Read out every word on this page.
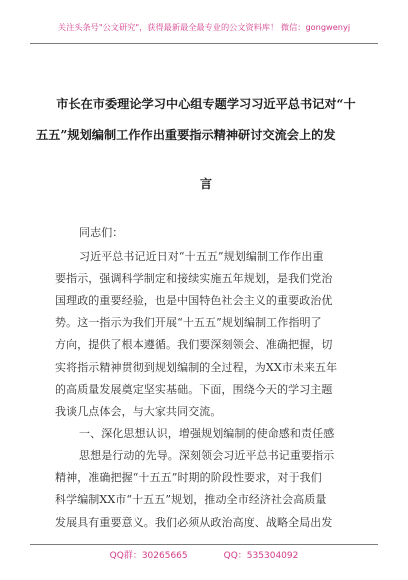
关注头条号"公文研究"，获得最新最全最专业的公文资料库！ 微信：gongwenyj
市长在市委理论学习中心组专题学习习近平总书记对“十
五五”规划编制工作作出重要指示精神研讨交流会上的发
言
同志们：
习近平总书记近日对“十五五”规划编制工作作出重
要指示，强调科学制定和接续实施五年规划，是我们党治
国理政的重要经验，也是中国特色社会主义的重要政治优
势。这一指示为我们开展“十五五”规划编制工作指明了
方向，提供了根本遵循。我们要深刻领会、准确把握，切
实将指示精神贯彻到规划编制的全过程，为XX市未来五年
的高质量发展奠定坚实基础。下面，围绕今天的学习主题
我谈几点体会，与大家共同交流。
一、深化思想认识，增强规划编制的使命感和责任感
思想是行动的先导。深刻领会习近平总书记重要指示
精神，准确把握“十五五”时期的阶段性要求，对于我们
科学编制XX市“十五五”规划，推动全市经济社会高质量
发展具有重要意义。我们必须从政治高度、战略全局出发
QQ群：30265665	QQ：535304092
